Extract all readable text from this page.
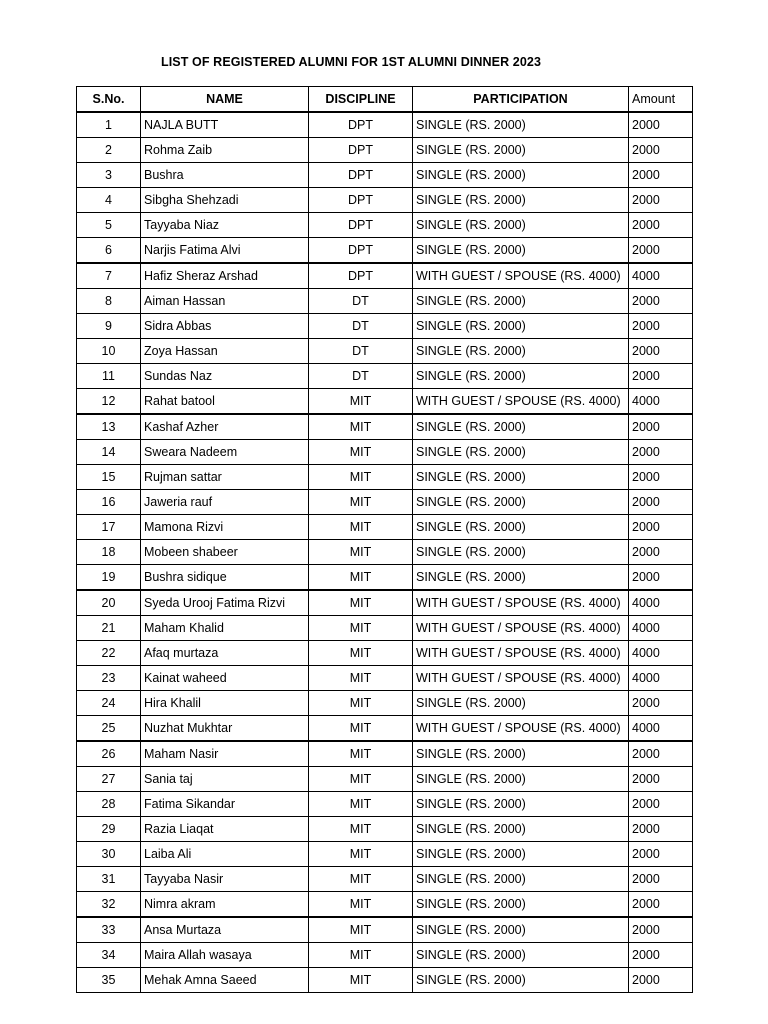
LIST OF REGISTERED ALUMNI FOR 1ST ALUMNI DINNER 2023
S.No.	NAME	DISCIPLINE	PARTICIPATION	Amount
1	NAJLA BUTT	DPT	SINGLE (RS. 2000)	2000
2	Rohma Zaib	DPT	SINGLE (RS. 2000)	2000
3	Bushra	DPT	SINGLE (RS. 2000)	2000
4	Sibgha Shehzadi	DPT	SINGLE (RS. 2000)	2000
5	Tayyaba Niaz	DPT	SINGLE (RS. 2000)	2000
6	Narjis Fatima Alvi	DPT	SINGLE (RS. 2000)	2000
7	Hafiz Sheraz Arshad	DPT	WITH GUEST / SPOUSE (RS. 4000)	4000
8	Aiman Hassan	DT	SINGLE (RS. 2000)	2000
9	Sidra Abbas	DT	SINGLE (RS. 2000)	2000
10	Zoya Hassan	DT	SINGLE (RS. 2000)	2000
11	Sundas Naz	DT	SINGLE (RS. 2000)	2000
12	Rahat batool	MIT	WITH GUEST / SPOUSE (RS. 4000)	4000
13	Kashaf Azher	MIT	SINGLE (RS. 2000)	2000
14	Sweara Nadeem	MIT	SINGLE (RS. 2000)	2000
15	Rujman sattar	MIT	SINGLE (RS. 2000)	2000
16	Jaweria rauf	MIT	SINGLE (RS. 2000)	2000
17	Mamona Rizvi	MIT	SINGLE (RS. 2000)	2000
18	Mobeen shabeer	MIT	SINGLE (RS. 2000)	2000
19	Bushra sidique	MIT	SINGLE (RS. 2000)	2000
20	Syeda Urooj Fatima Rizvi	MIT	WITH GUEST / SPOUSE (RS. 4000)	4000
21	Maham Khalid	MIT	WITH GUEST / SPOUSE (RS. 4000)	4000
22	Afaq murtaza	MIT	WITH GUEST / SPOUSE (RS. 4000)	4000
23	Kainat waheed	MIT	WITH GUEST / SPOUSE (RS. 4000)	4000
24	Hira Khalil	MIT	SINGLE (RS. 2000)	2000
25	Nuzhat Mukhtar	MIT	WITH GUEST / SPOUSE (RS. 4000)	4000
26	Maham Nasir	MIT	SINGLE (RS. 2000)	2000
27	Sania taj	MIT	SINGLE (RS. 2000)	2000
28	Fatima Sikandar	MIT	SINGLE (RS. 2000)	2000
29	Razia Liaqat	MIT	SINGLE (RS. 2000)	2000
30	Laiba Ali	MIT	SINGLE (RS. 2000)	2000
31	Tayyaba Nasir	MIT	SINGLE (RS. 2000)	2000
32	Nimra akram	MIT	SINGLE (RS. 2000)	2000
33	Ansa Murtaza	MIT	SINGLE (RS. 2000)	2000
34	Maira Allah wasaya	MIT	SINGLE (RS. 2000)	2000
35	Mehak Amna Saeed	MIT	SINGLE (RS. 2000)	2000
